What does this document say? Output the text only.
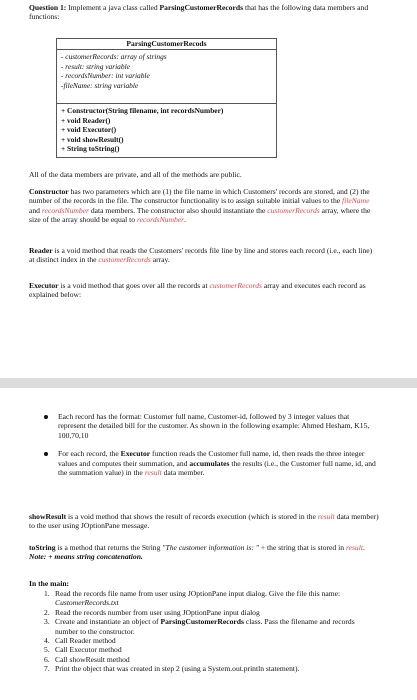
Question 1: Implement a java class called ParsingCustomerRecords that has the following data members and functions:
ParsingCustomerRecods
- customerRecords: array of strings
- result: string variable
- recordsNumber: int variable
-fileName: string variable
+ Constructor(String filename, int recordsNumber)
+ void Reader()
+ void Executor()
+ void showResult()
+ String toString()
All of the data members are private, and all of the methods are public.
Constructor has two parameters which are (1) the file name in which Customers' records are stored, and (2) the number of the records in the file. The constructor functionality is to assign suitable initial values to the fileName and recordsNumber data members. The constructor also should instantiate the customerRecords array, where the size of the array should be equal to recordsNumber.
Reader is a void method that reads the Customers' records file line by line and stores each record (i.e., each line) at distinct index in the customerRecords array.
Executor is a void method that goes over all the records at customerRecords array and executes each record as explained below:
Each record has the format: Customer full name, Customer-id, followed by 3 integer values that represent the detailed bill for the customer. As shown in the following example: Ahmed Hesham, K15, 100,70,10
For each record, the Executor function reads the Customer full name, id, then reads the three integer values and computes their summation, and accumulates the results (i.e., the Customer full name, id, and the summation value) in the result data member.
showResult is a void method that shows the result of records execution (which is stored in the result data member) to the user using JOptionPane message.
toString is a method that returns the String "The customer information is: " + the string that is stored in result. Note: + means string concatenation.
In the main:
1. Read the records file name from user using JOptionPane input dialog. Give the file this name: CustomerRecords.txt
2. Read the records number from user using JOptionPane input dialog
3. Create and instantiate an object of ParsingCustomerRecords class. Pass the filename and records number to the constructor.
4. Call Reader method
5. Call Executor method
6. Call showResult method
7. Print the object that was created in step 2 (using a System.out.println statement).
